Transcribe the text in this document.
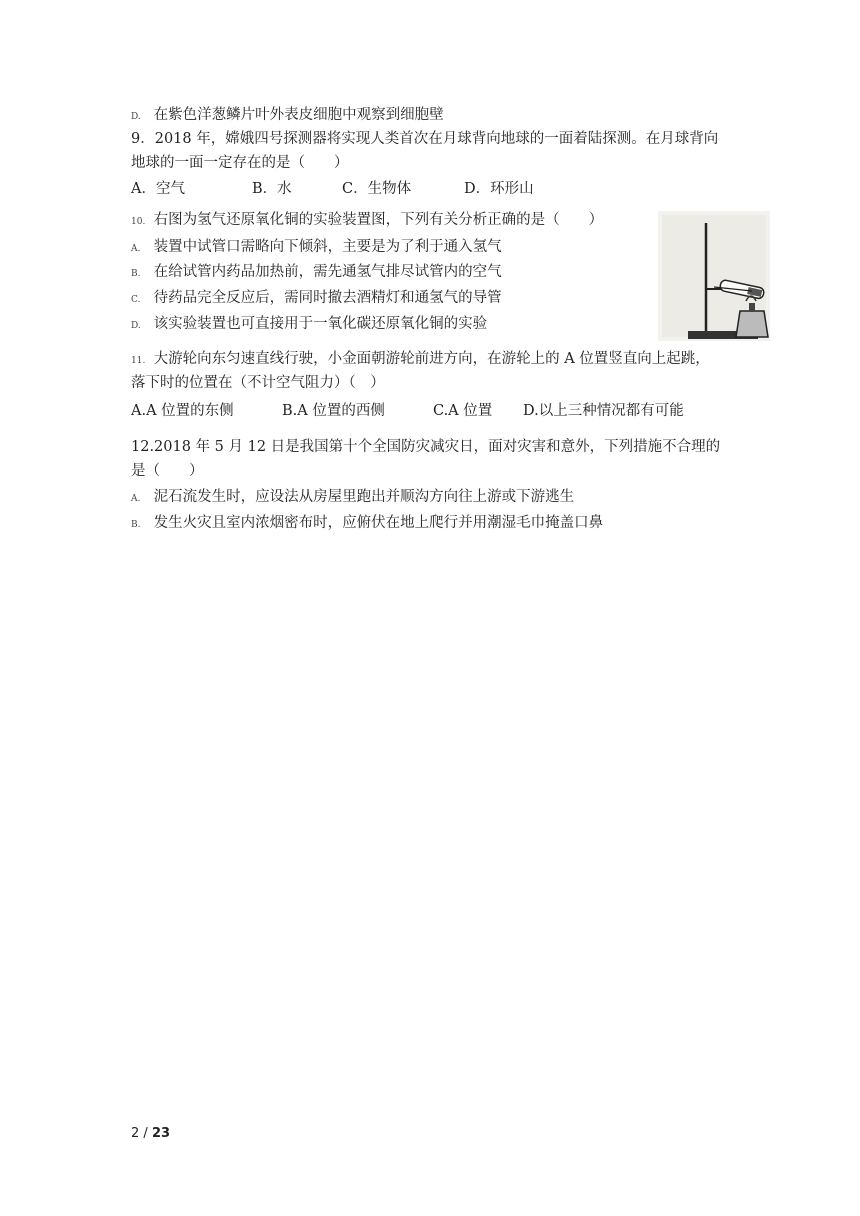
D. 在紫色洋葱鳞片叶外表皮细胞中观察到细胞壁
9．2018 年，嫦娥四号探测器将实现人类首次在月球背向地球的一面着陆探测。在月球背向
地球的一面一定存在的是（　　）
A．空气	B．水	C．生物体	D．环形山
10. 右图为氢气还原氧化铜的实验装置图，下列有关分析正确的是（　　）
A. 装置中试管口需略向下倾斜，主要是为了利于通入氢气
B. 在给试管内药品加热前，需先通氢气排尽试管内的空气
C. 待药品完全反应后，需同时撤去酒精灯和通氢气的导管
D. 该实验装置也可直接用于一氧化碳还原氧化铜的实验
11. 大游轮向东匀速直线行驶，小金面朝游轮前进方向，在游轮上的 A 位置竖直向上起跳，
落下时的位置在（不计空气阻力）（　）
A.A 位置的东侧	B.A 位置的西侧	C.A 位置 D.以上三种情况都有可能
12.2018 年 5 月 12 日是我国第十个全国防灾减灾日，面对灾害和意外，下列措施不合理的
是（　　）
A. 泥石流发生时，应设法从房屋里跑出并顺沟方向往上游或下游逃生
B. 发生火灾且室内浓烟密布时，应俯伏在地上爬行并用潮湿毛巾掩盖口鼻
2 / 23
